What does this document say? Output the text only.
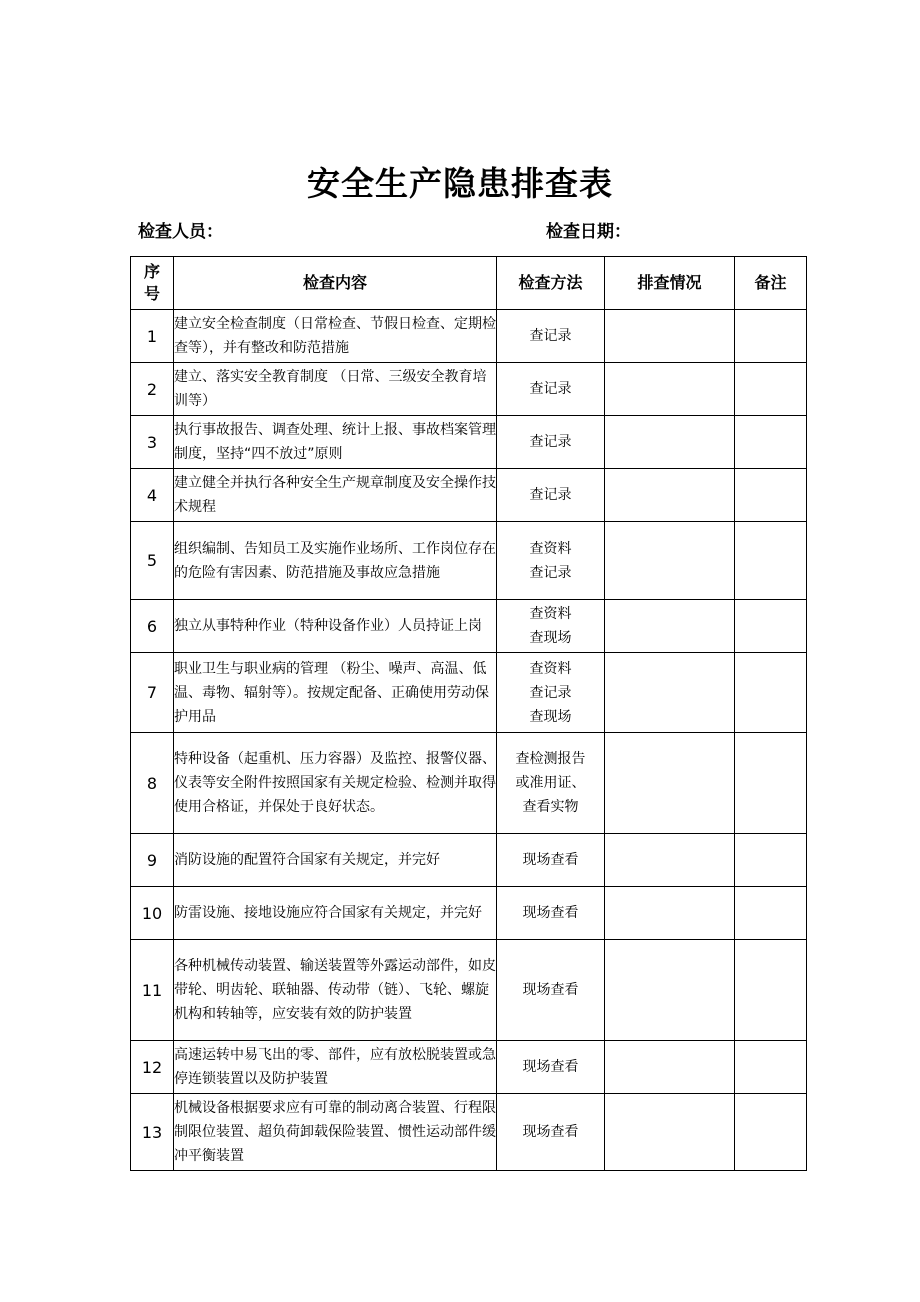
安全生产隐患排查表
检查人员：	检查日期：
序号	检查内容	检查方法	排查情况	备注
1	建立安全检查制度（日常检查、节假日检查、定期检查等），并有整改和防范措施	查记录		

2	建立、落实安全教育制度 （日常、三级安全教育培训等）	查记录		

3	执行事故报告、调查处理、统计上报、事故档案管理制度，坚持“四不放过”原则	查记录		

4	建立健全并执行各种安全生产规章制度及安全操作技术规程	查记录		

5	组织编制、告知员工及实施作业场所、工作岗位存在的危险有害因素、防范措施及事故应急措施	查资料
查记录		

6	独立从事特种作业（特种设备作业）人员持证上岗	查资料
查现场		

7	职业卫生与职业病的管理 （粉尘、噪声、高温、低温、毒物、辐射等）。按规定配备、正确使用劳动保护用品	查资料
查记录
查现场		

8	特种设备（起重机、压力容器）及监控、报警仪器、仪表等安全附件按照国家有关规定检验、检测并取得使用合格证，并保处于良好状态。	查检测报告
或准用证、
查看实物		

9	消防设施的配置符合国家有关规定，并完好	现场查看		

10	防雷设施、接地设施应符合国家有关规定，并完好	现场查看		

11	各种机械传动装置、输送装置等外露运动部件，如皮带轮、明齿轮、联轴器、传动带（链）、飞轮、螺旋机构和转轴等，应安装有效的防护装置	现场查看		

12	高速运转中易飞出的零、部件，应有放松脱装置或急停连锁装置以及防护装置	现场查看		

13	机械设备根据要求应有可靠的制动离合装置、行程限制限位装置、超负荷卸载保险装置、惯性运动部件缓冲平衡装置	现场查看		
